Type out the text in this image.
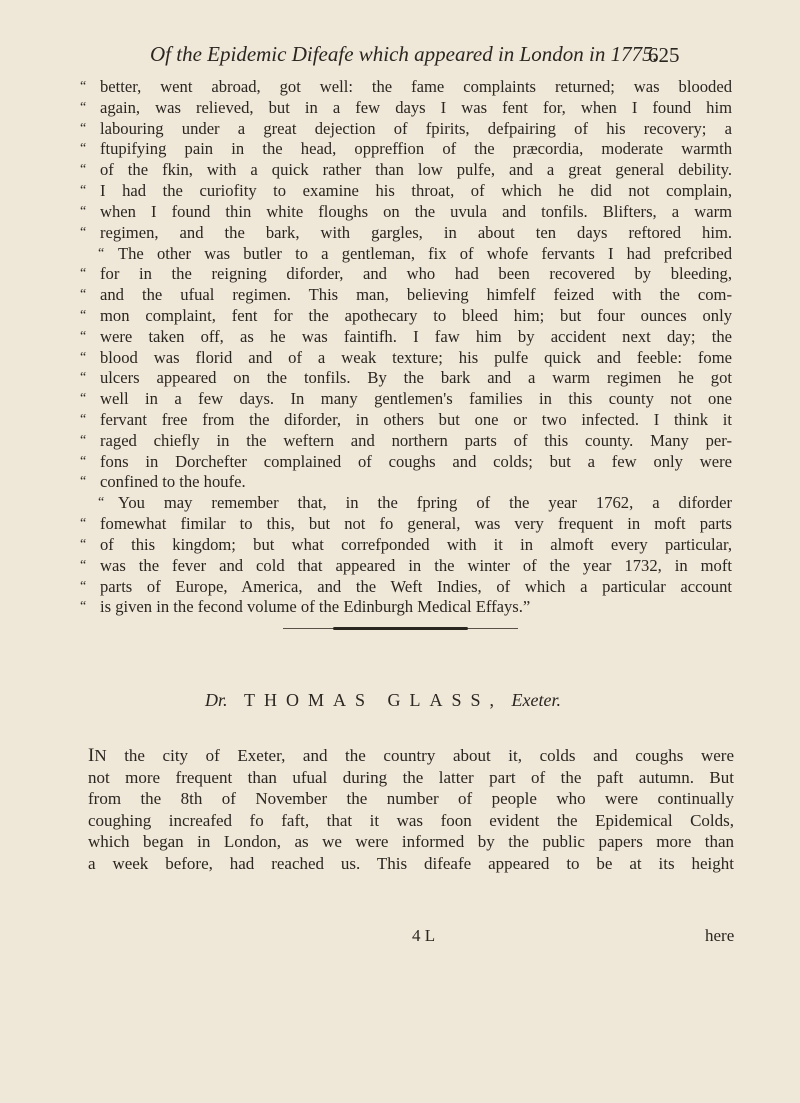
Of the Epidemic Difeafe which appeared in London in 1775.
625
“ better, went abroad, got well: the fame complaints returned; was blooded
“ again, was relieved, but in a few days I was fent for, when I found him
“ labouring under a great dejection of fpirits, defpairing of his recovery; a
“ ftupifying pain in the head, oppreffion of the præcordia, moderate warmth
“ of the fkin, with a quick rather than low pulfe, and a great general debility.
“ I had the curiofity to examine his throat, of which he did not complain,
“ when I found thin white floughs on the uvula and tonfils. Blifters, a warm
“ regimen, and the bark, with gargles, in about ten days reftored him.
“ The other was butler to a gentleman, fix of whofe fervants I had prefcribed
“ for in the reigning diforder, and who had been recovered by bleeding,
“ and the ufual regimen. This man, believing himfelf feized with the com-
“ mon complaint, fent for the apothecary to bleed him; but four ounces only
“ were taken off, as he was faintifh. I faw him by accident next day; the
“ blood was florid and of a weak texture; his pulfe quick and feeble: fome
“ ulcers appeared on the tonfils. By the bark and a warm regimen he got
“ well in a few days. In many gentlemen's families in this county not one
“ fervant free from the diforder, in others but one or two infected. I think it
“ raged chiefly in the weftern and northern parts of this county. Many per-
“ fons in Dorchefter complained of coughs and colds; but a few only were
“ confined to the houfe.
“ You may remember that, in the fpring of the year 1762, a diforder
“ fomewhat fimilar to this, but not fo general, was very frequent in moft parts
“ of this kingdom; but what correfponded with it in almoft every particular,
“ was the fever and cold that appeared in the winter of the year 1732, in moft
“ parts of Europe, America, and the Weft Indies, of which a particular account
“ is given in the fecond volume of the Edinburgh Medical Effays.”
Dr. THOMAS GLASS, Exeter.
IN the city of Exeter, and the country about it, colds and coughs were
not more frequent than ufual during the latter part of the paft autumn. But
from the 8th of November the number of people who were continually
coughing increafed fo faft, that it was foon evident the Epidemical Colds,
which began in London, as we were informed by the public papers more than
a week before, had reached us. This difeafe appeared to be at its height
4 L	here
